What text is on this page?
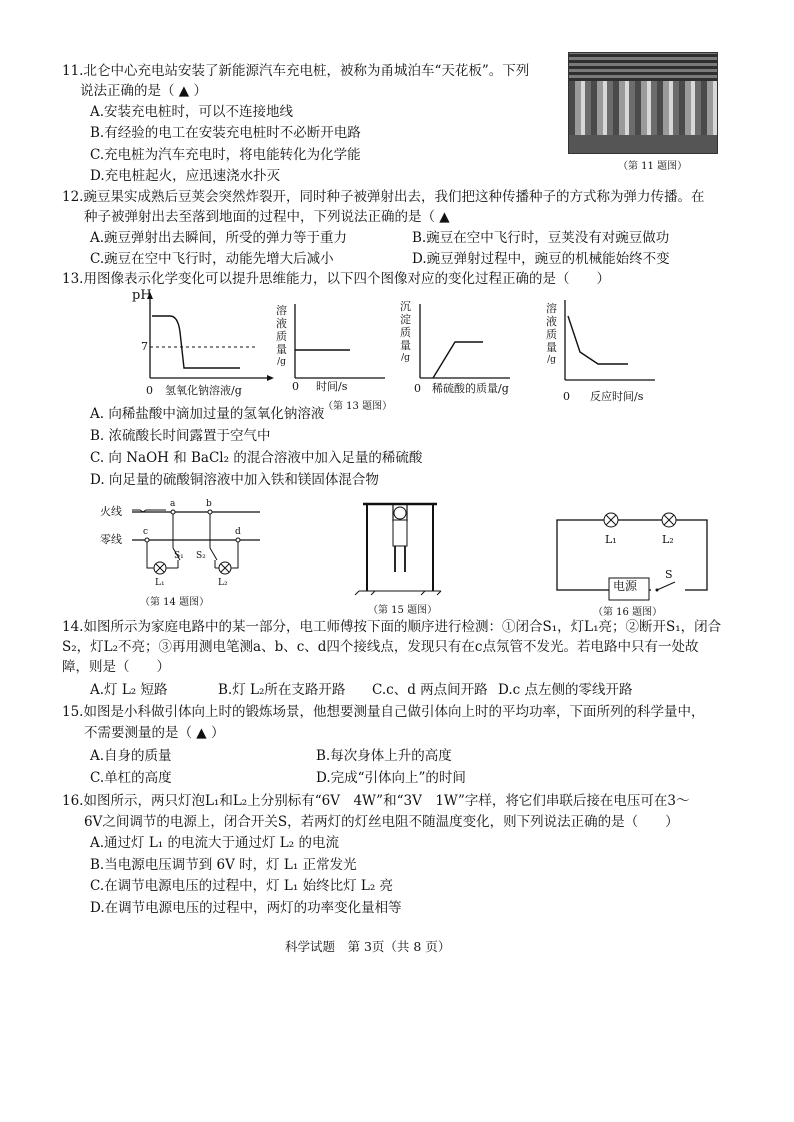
11.北仑中心充电站安装了新能源汽车充电桩，被称为甬城泊车“天花板”。下列
说法正确的是（ ▲ ）
A.安装充电桩时，可以不连接地线
B.有经验的电工在安装充电桩时不必断开电路
C.充电桩为汽车充电时，将电能转化为化学能
D.充电桩起火，应迅速浇水扑灭
（第 11 题图）
12.豌豆果实成熟后豆荚会突然炸裂开，同时种子被弹射出去，我们把这种传播种子的方式称为弹力传播。在
种子被弹射出去至落到地面的过程中，下列说法正确的是（ ▲
A.豌豆弹射出去瞬间，所受的弹力等于重力	B.豌豆在空中飞行时，豆荚没有对豌豆做功
C.豌豆在空中飞行时，动能先增大后减小	D.豌豆弹射过程中，豌豆的机械能始终不变
13.用图像表示化学变化可以提升思维能力，以下四个图像对应的变化过程正确的是（　　）
pH
7
0 氢氧化钠溶液/g
溶
液
质
量
/g
0 时间/s
沉
淀
质
量
/g
0 稀硫酸的质量/g
溶
液
质
量
/g
0 反应时间/s
（第 13 题图）
A. 向稀盐酸中滴加过量的氢氧化钠溶液
B. 浓硫酸长时间露置于空气中
C. 向 NaOH 和 BaCl₂ 的混合溶液中加入足量的稀硫酸
D. 向足量的硫酸铜溶液中加入铁和镁固体混合物
火线
零线
a	b
c	d
S₁ S₂
L₁	L₂
（第 14 题图）
（第 15 题图）
L₁	L₂
电源
S
（第 16 题图）
14.如图所示为家庭电路中的某一部分，电工师傅按下面的顺序进行检测：①闭合S₁，灯L₁亮；②断开S₁，闭合
S₂，灯L₂不亮；③再用测电笔测a、b、c、d四个接线点，发现只有在c点氖管不发光。若电路中只有一处故
障，则是（　　）
A.灯 L₂ 短路	B.灯 L₂所在支路开路 C.c、d 两点间开路 D.c 点左侧的零线开路
15.如图是小科做引体向上时的锻炼场景，他想要测量自己做引体向上时的平均功率，下面所列的科学量中，
不需要测量的是（ ▲ ）
A.自身的质量	B.每次身体上升的高度
C.单杠的高度	D.完成“引体向上”的时间
16.如图所示，两只灯泡L₁和L₂上分别标有“6V　4W”和“3V　1W”字样，将它们串联后接在电压可在3～
6V之间调节的电源上，闭合开关S，若两灯的灯丝电阻不随温度变化，则下列说法正确的是（　　）
A.通过灯 L₁ 的电流大于通过灯 L₂ 的电流
B.当电源电压调节到 6V 时，灯 L₁ 正常发光
C.在调节电源电压的过程中，灯 L₁ 始终比灯 L₂ 亮
D.在调节电源电压的过程中，两灯的功率变化量相等
科学试题　第 3页（共 8 页）
